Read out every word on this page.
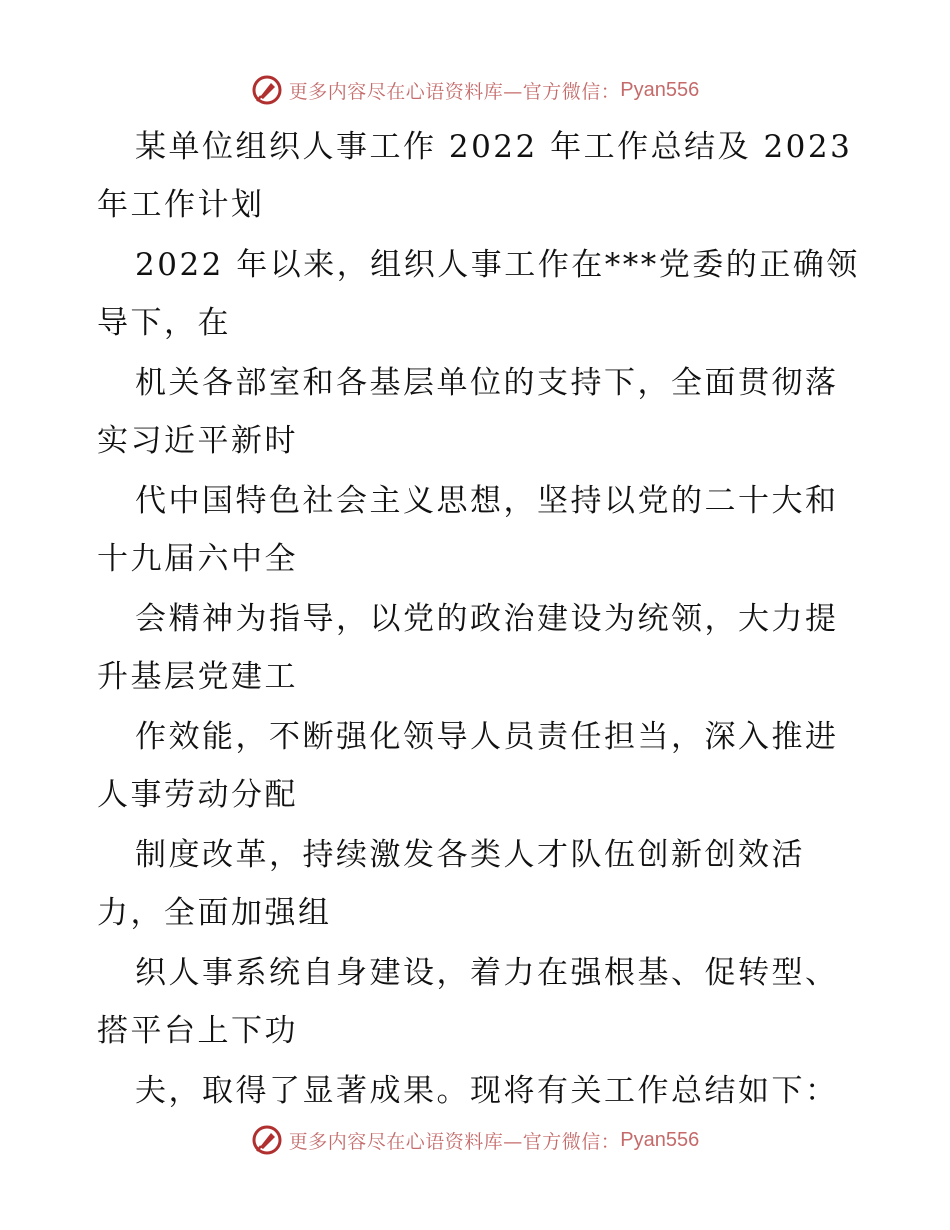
更多内容尽在心语资料库—官方微信： Pyan556
某单位组织人事工作 2022 年工作总结及 2023
年工作计划
2022 年以来，组织人事工作在***党委的正确领
导下，在
机关各部室和各基层单位的支持下，全面贯彻落
实习近平新时
代中国特色社会主义思想，坚持以党的二十大和
十九届六中全
会精神为指导，以党的政治建设为统领，大力提
升基层党建工
作效能，不断强化领导人员责任担当，深入推进
人事劳动分配
制度改革，持续激发各类人才队伍创新创效活
力，全面加强组
织人事系统自身建设，着力在强根基、促转型、
搭平台上下功
夫，取得了显著成果。现将有关工作总结如下：
更多内容尽在心语资料库—官方微信： Pyan556
